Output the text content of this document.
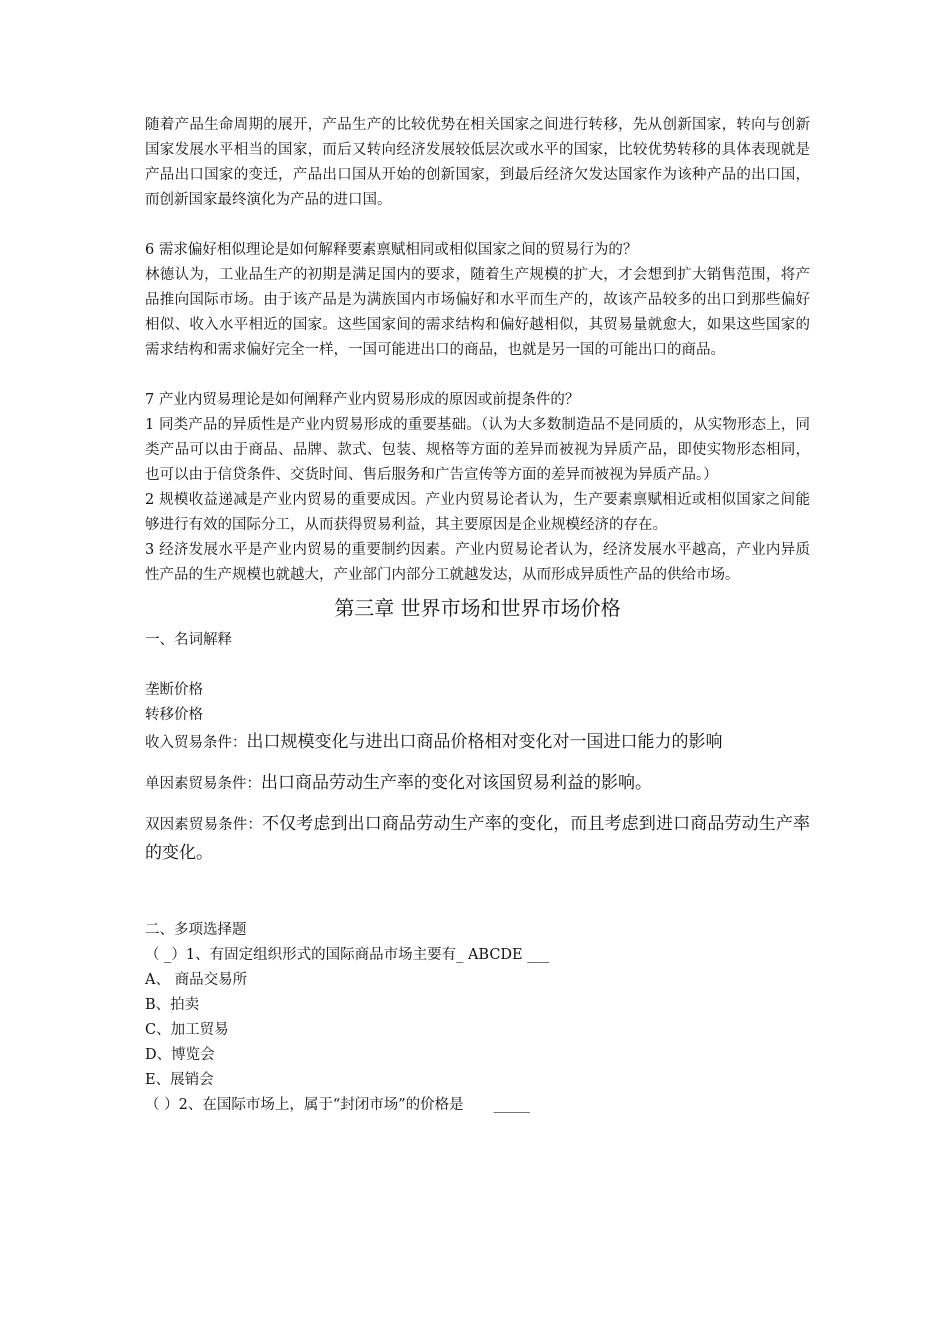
随着产品生命周期的展开，产品生产的比较优势在相关国家之间进行转移，先从创新国家，转向与创新国家发展水平相当的国家，而后又转向经济发展较低层次或水平的国家，比较优势转移的具体表现就是产品出口国家的变迁，产品出口国从开始的创新国家，到最后经济欠发达国家作为该种产品的出口国，而创新国家最终演化为产品的进口国。

6 需求偏好相似理论是如何解释要素禀赋相同或相似国家之间的贸易行为的？

林德认为，工业品生产的初期是满足国内的要求，随着生产规模的扩大，才会想到扩大销售范围，将产品推向国际市场。由于该产品是为满族国内市场偏好和水平而生产的，故该产品较多的出口到那些偏好相似、收入水平相近的国家。这些国家间的需求结构和偏好越相似，其贸易量就愈大，如果这些国家的需求结构和需求偏好完全一样，一国可能进出口的商品，也就是另一国的可能出口的商品。

7 产业内贸易理论是如何阐释产业内贸易形成的原因或前提条件的？

1 同类产品的异质性是产业内贸易形成的重要基础。（认为大多数制造品不是同质的，从实物形态上，同类产品可以由于商品、品牌、款式、包装、规格等方面的差异而被视为异质产品，即使实物形态相同，也可以由于信贷条件、交货时间、售后服务和广告宣传等方面的差异而被视为异质产品。）

2 规模收益递减是产业内贸易的重要成因。产业内贸易论者认为，生产要素禀赋相近或相似国家之间能够进行有效的国际分工，从而获得贸易利益，其主要原因是企业规模经济的存在。

3 经济发展水平是产业内贸易的重要制约因素。产业内贸易论者认为，经济发展水平越高，产业内异质性产品的生产规模也就越大，产业部门内部分工就越发达，从而形成异质性产品的供给市场。

第三章 世界市场和世界市场价格

一、名词解释

垄断价格

转移价格

收入贸易条件：出口规模变化与进出口商品价格相对变化对一国进口能力的影响

单因素贸易条件：出口商品劳动生产率的变化对该国贸易利益的影响。

双因素贸易条件：不仅考虑到出口商品劳动生产率的变化，而且考虑到进口商品劳动生产率的变化。

二、多项选择题

（ _）1、有固定组织形式的国际商品市场主要有_ ABCDE ___

A、 商品交易所

B、拍卖

C、加工贸易

D、博览会

E、展销会

（ ）2、在国际市场上，属于“封闭市场”的价格是 _____
